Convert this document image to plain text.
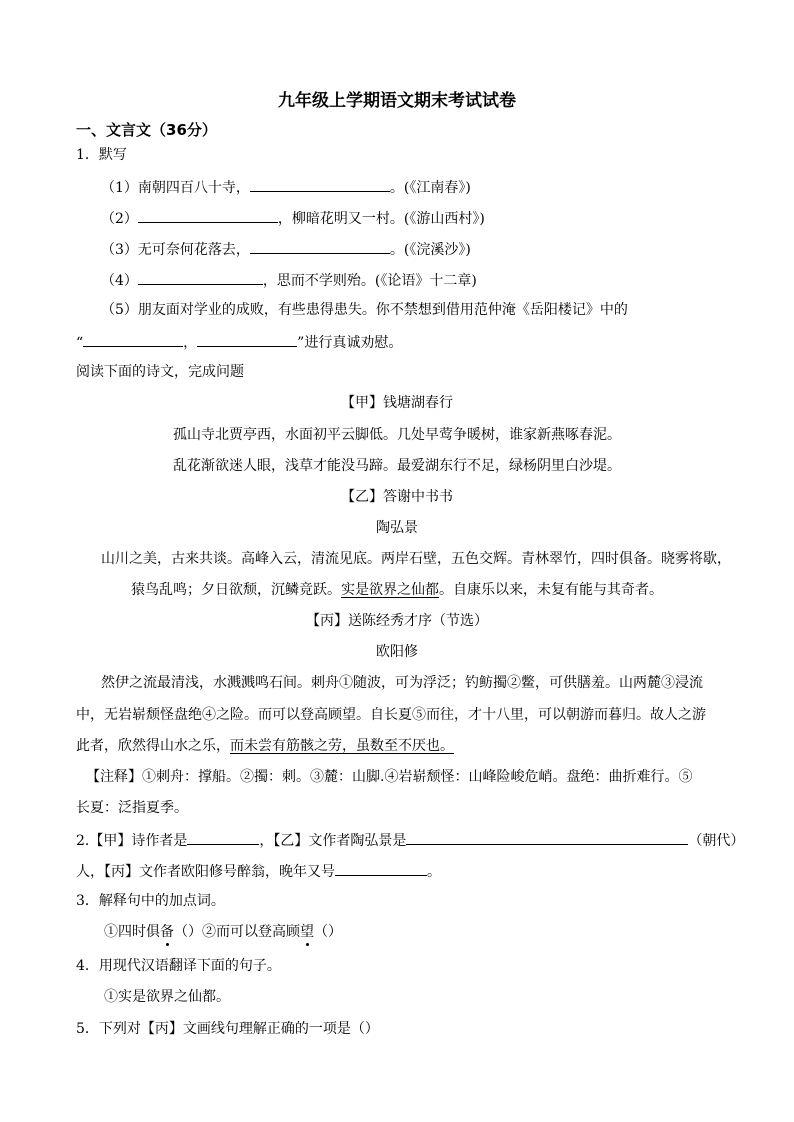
九年级上学期语文期末考试试卷
一、文言文（36分）
1．默写
（1）南朝四百八十寺，	。(《江南春》)
（2）	，柳暗花明又一村。(《游山西村》)
（3）无可奈何花落去，	。(《浣溪沙》)
（4）	，思而不学则殆。(《论语》十二章)
（5）朋友面对学业的成败，有些患得患失。你不禁想到借用范仲淹《岳阳楼记》中的
“	，	”进行真诚劝慰。
阅读下面的诗文，完成问题
【甲】钱塘湖春行
孤山寺北贾亭西，水面初平云脚低。几处早莺争暖树，谁家新燕啄春泥。
乱花渐欲迷人眼，浅草才能没马蹄。最爱湖东行不足，绿杨阴里白沙堤。
【乙】答谢中书书
陶弘景
山川之美，古来共谈。高峰入云，清流见底。两岸石壁，五色交辉。青林翠竹，四时俱备。晓雾将歇，
猿鸟乱鸣；夕日欲颓，沉鳞竞跃。实是欲界之仙都。自康乐以来，未复有能与其奇者。
【丙】送陈经秀才序（节选）
欧阳修
然伊之流最清浅，水溅溅鸣石间。刺舟①随波，可为浮泛；钓鲂擉②鳖，可供膳羞。山两麓③浸流
中，无岩崭颓怪盘绝④之险。而可以登高顾望。自长夏⑤而往，才十八里，可以朝游而暮归。故人之游
此者，欣然得山水之乐，而未尝有筋骸之劳，虽数至不厌也。
【注释】①刺舟：撑船。②擉：刺。③麓：山脚.④岩崭颓怪：山峰险峻危峭。盘绝：曲折难行。⑤
长夏：泛指夏季。
2.【甲】诗作者是	，【乙】文作者陶弘景是	（朝代）
人，【丙】文作者欧阳修号醉翁，晚年又号	。
3．解释句中的加点词。
①四时俱备（）②而可以登高顾望（）
4．用现代汉语翻译下面的句子。
①实是欲界之仙都。
5．下列对【丙】文画线句理解正确的一项是（）
